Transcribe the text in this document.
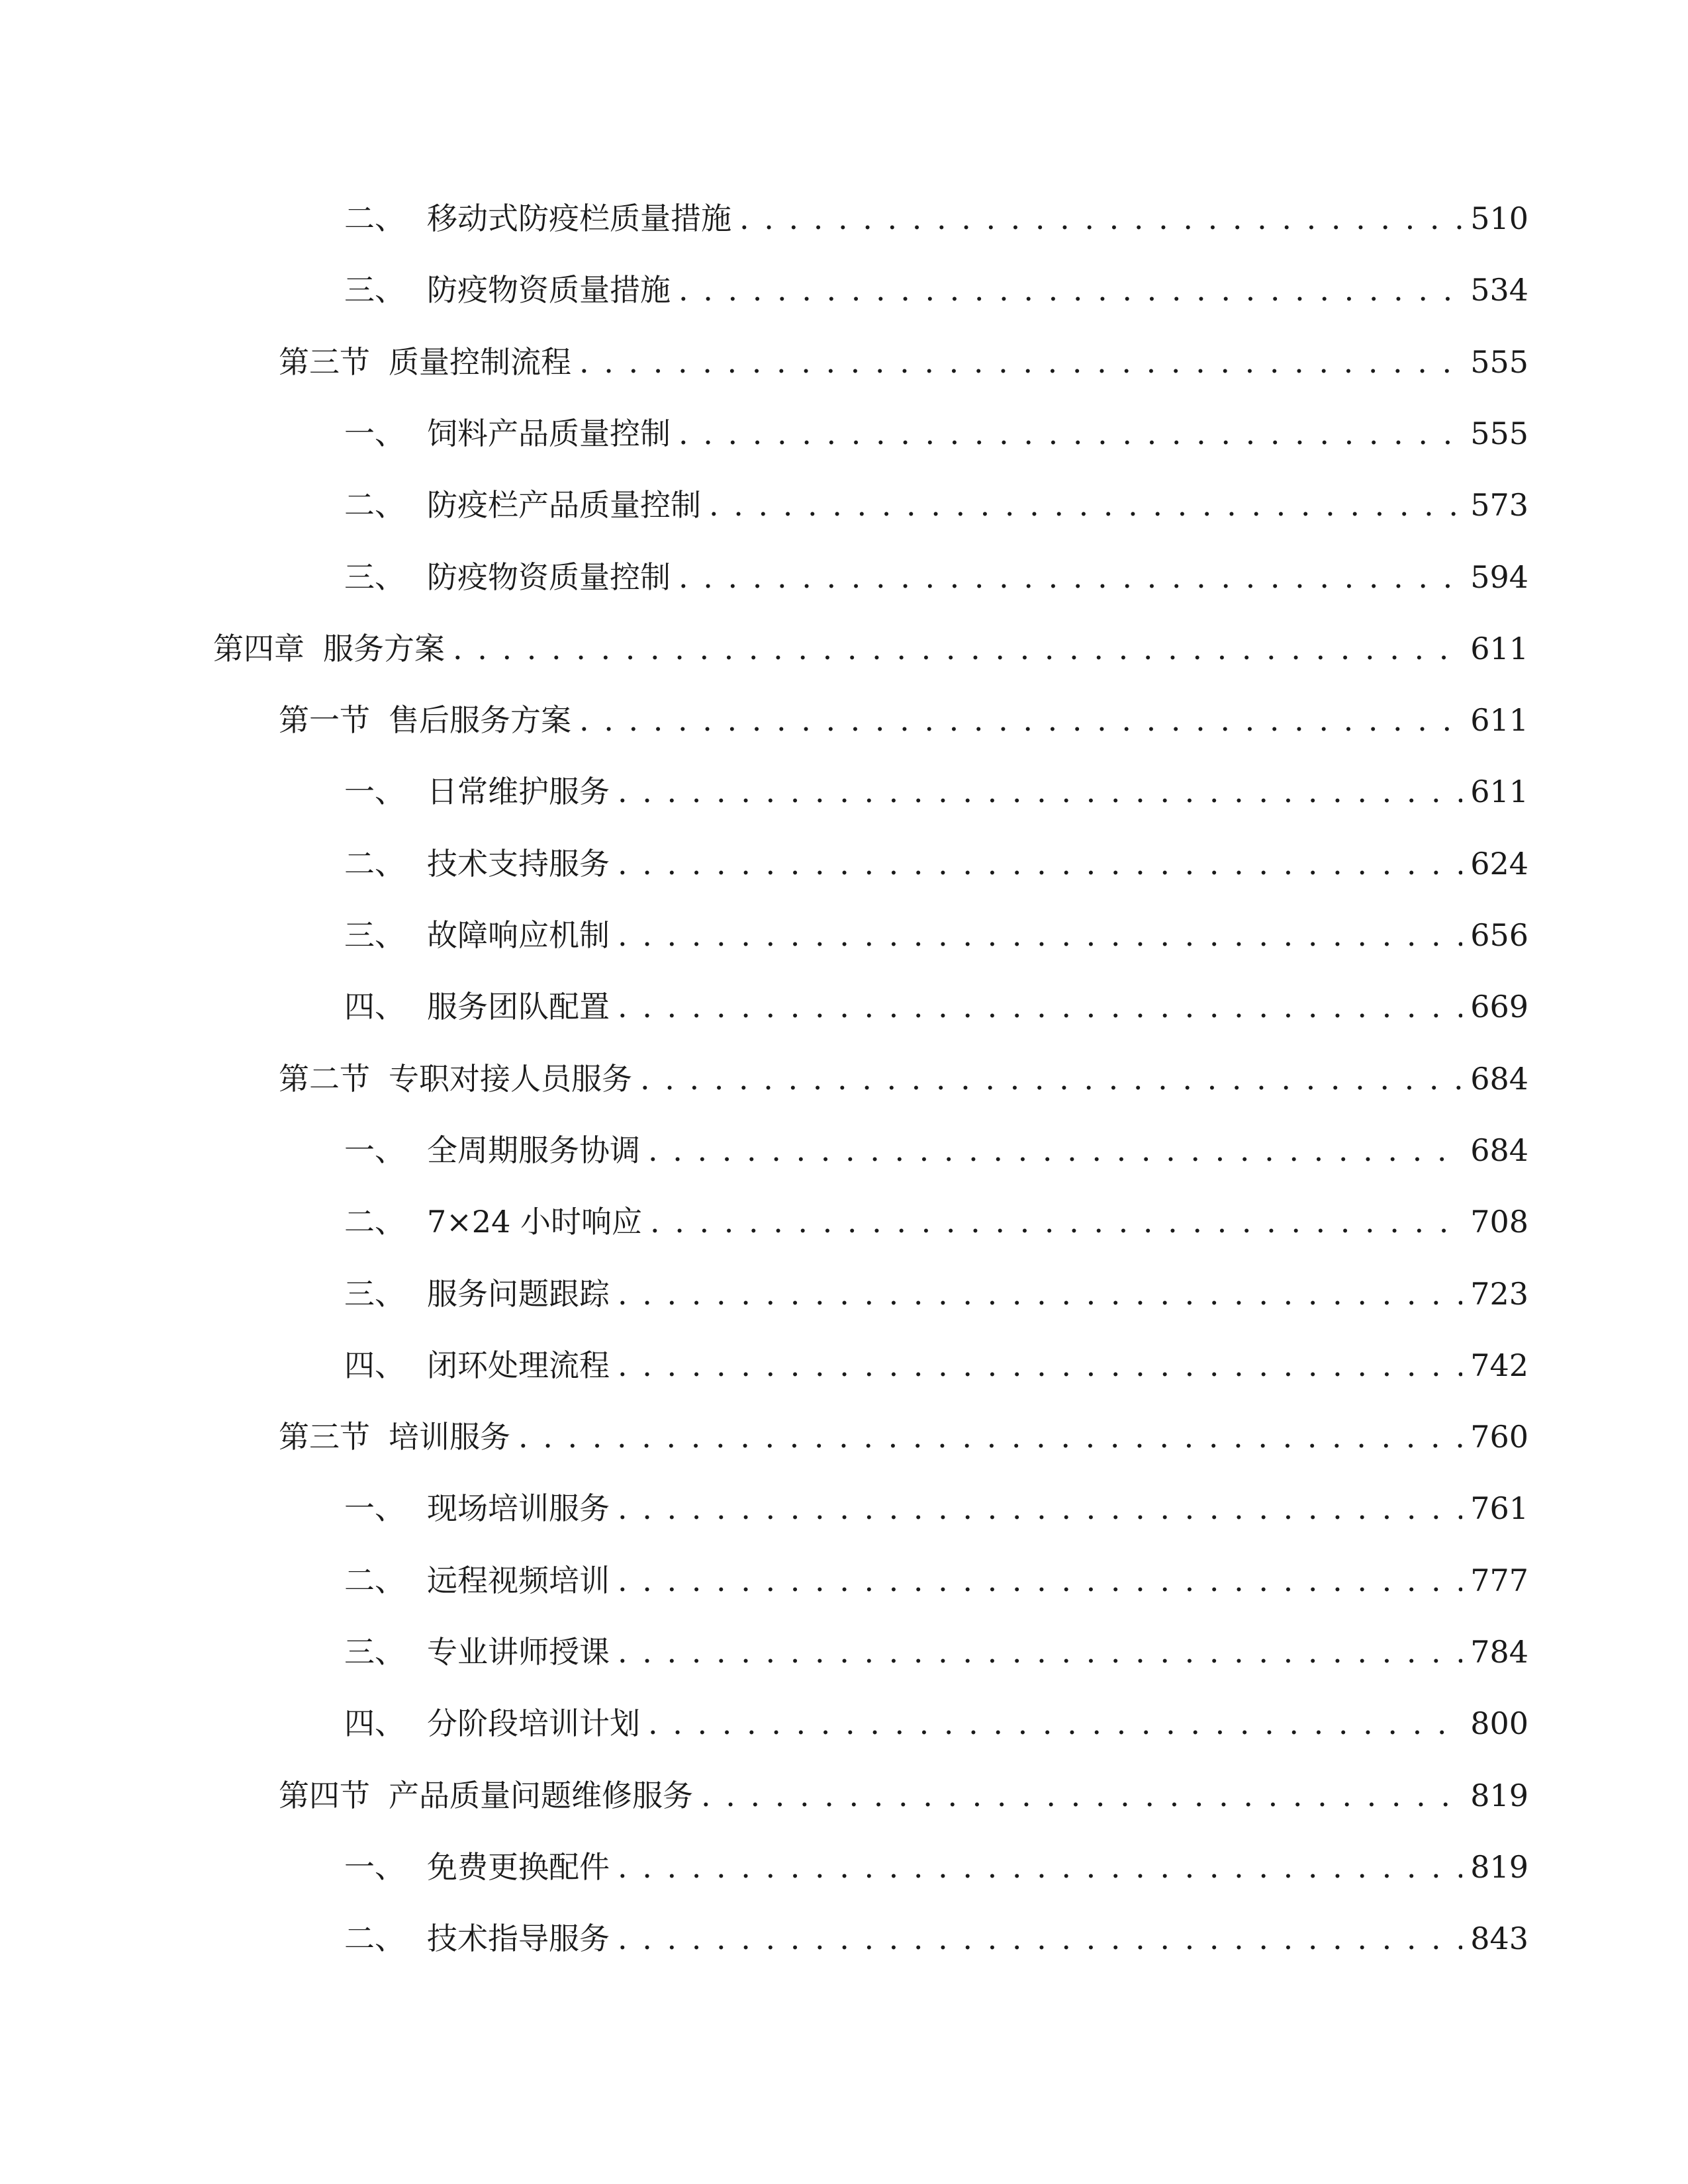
二、 移动式防疫栏质量措施 . . .	510
三、 防疫物资质量措施 . . .	534
第三节 质量控制流程 . . .	555
一、 饲料产品质量控制 . . .	555
二、 防疫栏产品质量控制 . . .	573
三、 防疫物资质量控制 . . .	594
第四章 服务方案 . . .	611
第一节 售后服务方案 . . .	611
一、 日常维护服务 . . .	611
二、 技术支持服务 . . .	624
三、 故障响应机制 . . .	656
四、 服务团队配置 . . .	669
第二节 专职对接人员服务 . . .	684
一、 全周期服务协调 . . .	684
二、 7×24 小时响应 . . .	708
三、 服务问题跟踪 . . .	723
四、 闭环处理流程 . . .	742
第三节 培训服务 . . .	760
一、 现场培训服务 . . .	761
二、 远程视频培训 . . .	777
三、 专业讲师授课 . . .	784
四、 分阶段培训计划 . . .	800
第四节 产品质量问题维修服务 . . .	819
一、 免费更换配件 . . .	819
二、 技术指导服务 . . .	843
